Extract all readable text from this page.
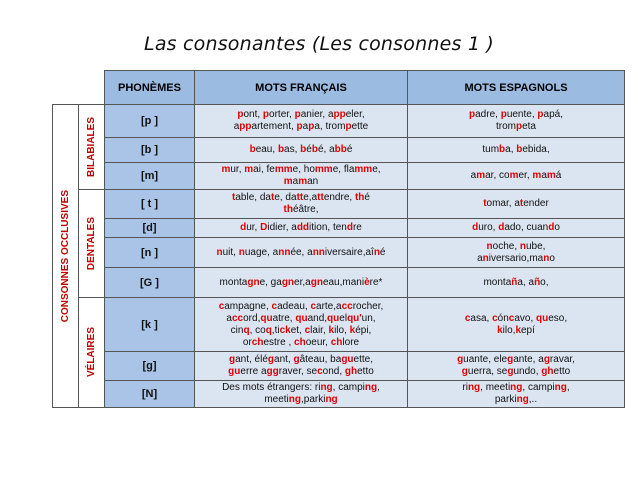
Las consonantes (Les consonnes 1 )
		PHONÈMES	MOTS FRANÇAIS	MOTS ESPAGNOLS

CONSONNES OCCLUSIVES	BILABIALES	[p ]	pont, porter, panier, appeler,
appartement, papa, trompette	padre, puente, papá,
trompeta
		[b ]	beau, bas, bébé, abbé	tumba, bebida,
		[m]	mur, mai, femme, homme, flamme,
maman	amar, comer, mamá

	DENTALES	[ t ]	table, date, datte,attendre, thé
théâtre,	tomar, atender
		[d]	dur, Didier, addition, tendre	duro, dado, cuando
		[n ]	nuit, nuage, année, anniversaire,aîné	noche, nube,
aniversario,mano
		[G ]	montagne, gagner,agneau,manière*	montaña, año,

	VÉLAIRES	[k ]	campagne, cadeau, carte,accrocher,
accord,quatre, quand,quelqu'un,
cinq, coq,ticket, clair, kilo, képi,
orchestre , choeur, chlore	casa, cóncavo, queso,
kilo,kepí
		[g]	gant, élégant, gâteau, baguette,
guerre aggraver, second, ghetto	guante, elegante, agravar,
guerra, segundo, ghetto
		[N]	Des mots étrangers: ring, camping,
meeting,parking	ring, meeting, camping,
parking,..
